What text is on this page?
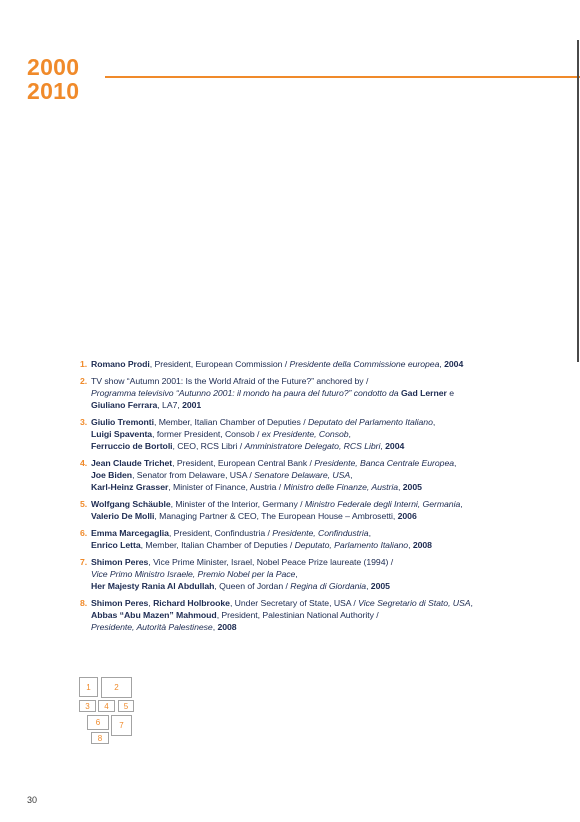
2000
2010
1. Romano Prodi, President, European Commission / Presidente della Commissione europea, 2004
2. TV show “Autumn 2001: Is the World Afraid of the Future?” anchored by /
Programma televisivo “Autunno 2001: il mondo ha paura del futuro?” condotto da Gad Lerner e
Giuliano Ferrara, LA7, 2001
3. Giulio Tremonti, Member, Italian Chamber of Deputies / Deputato del Parlamento Italiano,
Luigi Spaventa, former President, Consob / ex Presidente, Consob,
Ferruccio de Bortoli, CEO, RCS Libri / Amministratore Delegato, RCS Libri, 2004
4. Jean Claude Trichet, President, European Central Bank / Presidente, Banca Centrale Europea,
Joe Biden, Senator from Delaware, USA / Senatore Delaware, USA,
Karl-Heinz Grasser, Minister of Finance, Austria / Ministro delle Finanze, Austria, 2005
5. Wolfgang Schäuble, Minister of the Interior, Germany / Ministro Federale degli Interni, Germania,
Valerio De Molli, Managing Partner & CEO, The European House – Ambrosetti, 2006
6. Emma Marcegaglia, President, Confindustria / Presidente, Confindustria,
Enrico Letta, Member, Italian Chamber of Deputies / Deputato, Parlamento Italiano, 2008
7. Shimon Peres, Vice Prime Minister, Israel, Nobel Peace Prize laureate (1994) /
Vice Primo Ministro Israele, Premio Nobel per la Pace,
Her Majesty Rania Al Abdullah, Queen of Jordan / Regina di Giordania, 2005
8. Shimon Peres, Richard Holbrooke, Under Secretary of State, USA / Vice Segretario di Stato, USA,
Abbas “Abu Mazen” Mahmoud, President, Palestinian National Authority /
Presidente, Autorità Palestinese, 2008
1	2
3 4 5
6 7
8
30
